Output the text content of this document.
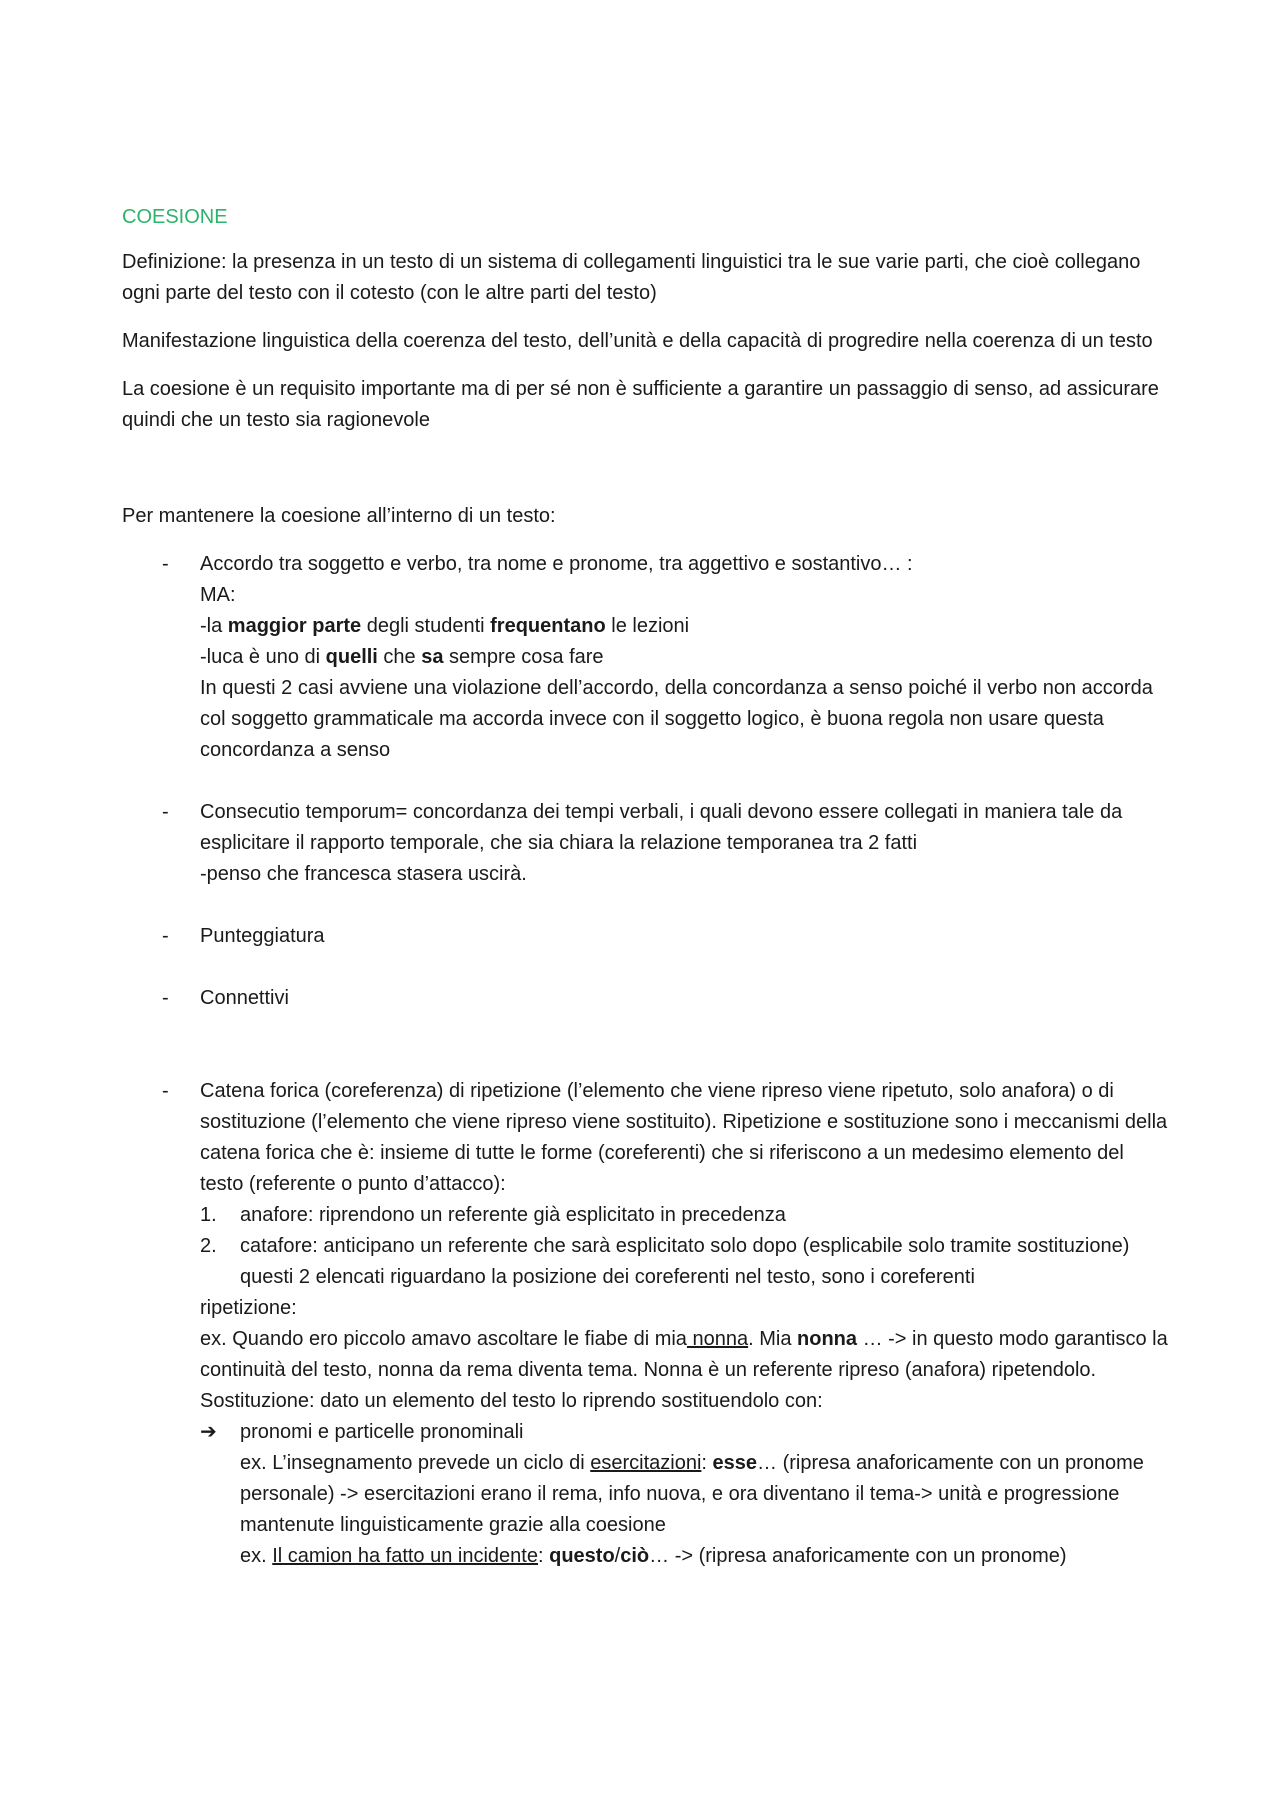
COESIONE

Definizione: la presenza in un testo di un sistema di collegamenti linguistici tra le sue varie parti, che cioè collegano ogni parte del testo con il cotesto (con le altre parti del testo)

Manifestazione linguistica della coerenza del testo, dell’unità e della capacità di progredire nella coerenza di un testo

La coesione è un requisito importante ma di per sé non è sufficiente a garantire un passaggio di senso, ad assicurare quindi che un testo sia ragionevole

Per mantenere la coesione all’interno di un testo:

- Accordo tra soggetto e verbo, tra nome e pronome, tra aggettivo e sostantivo… :
MA:
-la maggior parte degli studenti frequentano le lezioni
-luca è uno di quelli che sa sempre cosa fare
In questi 2 casi avviene una violazione dell’accordo, della concordanza a senso poiché il verbo non accorda col soggetto grammaticale ma accorda invece con il soggetto logico, è buona regola non usare questa concordanza a senso
- Consecutio temporum= concordanza dei tempi verbali, i quali devono essere collegati in maniera tale da esplicitare il rapporto temporale, che sia chiara la relazione temporanea tra 2 fatti
-penso che francesca stasera uscirà.
- Punteggiatura
- Connettivi
- Catena forica (coreferenza) di ripetizione (l’elemento che viene ripreso viene ripetuto, solo anafora) o di sostituzione (l’elemento che viene ripreso viene sostituito). Ripetizione e sostituzione sono i meccanismi della catena forica che è: insieme di tutte le forme (coreferenti) che si riferiscono a un medesimo elemento del testo (referente o punto d’attacco):
1. anafore: riprendono un referente già esplicitato in precedenza
2. catafore: anticipano un referente che sarà esplicitato solo dopo (esplicabile solo tramite sostituzione)
questi 2 elencati riguardano la posizione dei coreferenti nel testo, sono i coreferenti
ripetizione:
ex. Quando ero piccolo amavo ascoltare le fiabe di mia nonna. Mia nonna … -> in questo modo garantisco la continuità del testo, nonna da rema diventa tema. Nonna è un referente ripreso (anafora) ripetendolo.
Sostituzione: dato un elemento del testo lo riprendo sostituendolo con:
➔ pronomi e particelle pronominali
ex. L’insegnamento prevede un ciclo di esercitazioni: esse… (ripresa anaforicamente con un pronome personale) -> esercitazioni erano il rema, info nuova, e ora diventano il tema-> unità e progressione mantenute linguisticamente grazie alla coesione
ex. Il camion ha fatto un incidente: questo/ciò… -> (ripresa anaforicamente con un pronome)
